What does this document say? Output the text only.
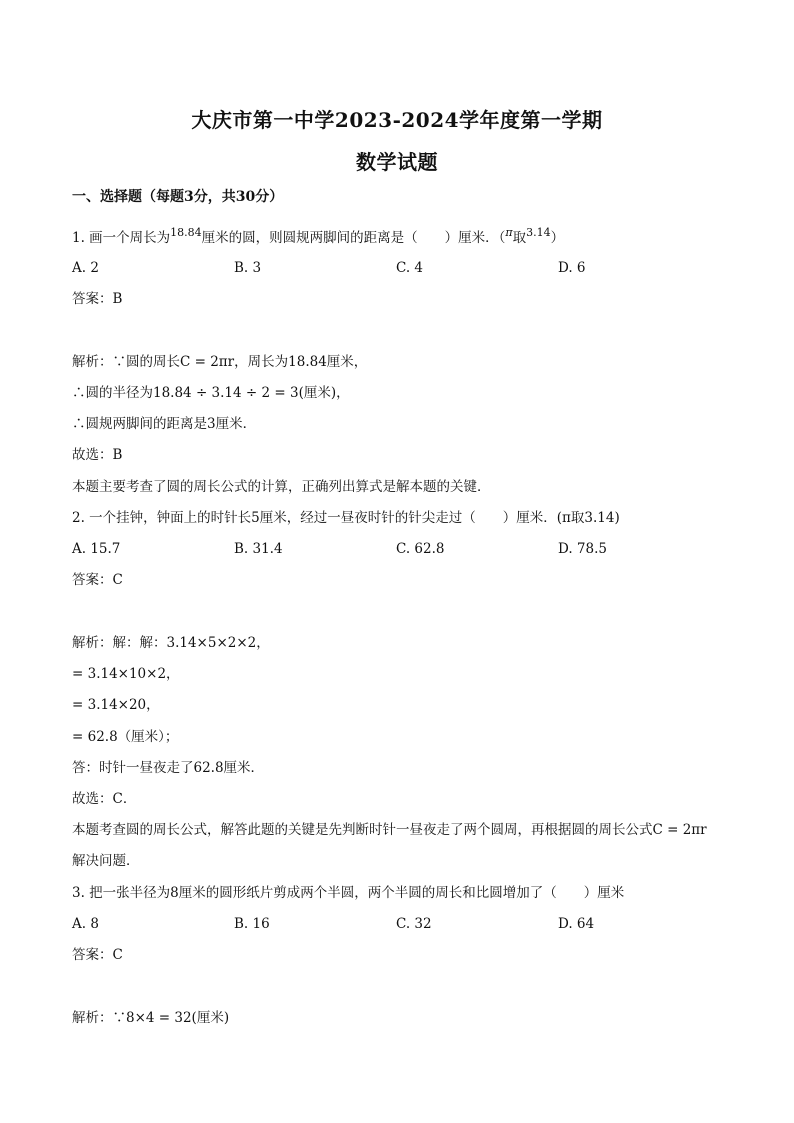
大庆市第一中学2023-2024学年度第一学期
数学试题
一、选择题（每题3分，共30分）
1. 画一个周长为$^{18.84}$厘米的圆，则圆规两脚间的距离是（　　）厘米．（$^\pi$取$^{3.14}$）
A. 2	B. 3	C. 4	D. 6
答案：B
解析：∵圆的周长C = 2πr，周长为18.84厘米，
∴圆的半径为18.84 ÷ 3.14 ÷ 2 = 3(厘米)，
∴圆规两脚间的距离是3厘米．
故选：B
本题主要考查了圆的周长公式的计算，正确列出算式是解本题的关键．
2. 一个挂钟，钟面上的时针长5厘米，经过一昼夜时针的针尖走过（　　）厘米．(π取3.14)
A. 15.7	B. 31.4	C. 62.8	D. 78.5
答案：C
解析：解：解：3.14×5×2×2，
= 3.14×10×2，
= 3.14×20，
= 62.8（厘米）；
答：时针一昼夜走了62.8厘米．
故选：C．
本题考查圆的周长公式，解答此题的关键是先判断时针一昼夜走了两个圆周，再根据圆的周长公式C = 2πr
解决问题．
3. 把一张半径为8厘米的圆形纸片剪成两个半圆，两个半圆的周长和比圆增加了（　　）厘米
A. 8	B. 16	C. 32	D. 64
答案：C
解析：∵8×4 = 32(厘米)
